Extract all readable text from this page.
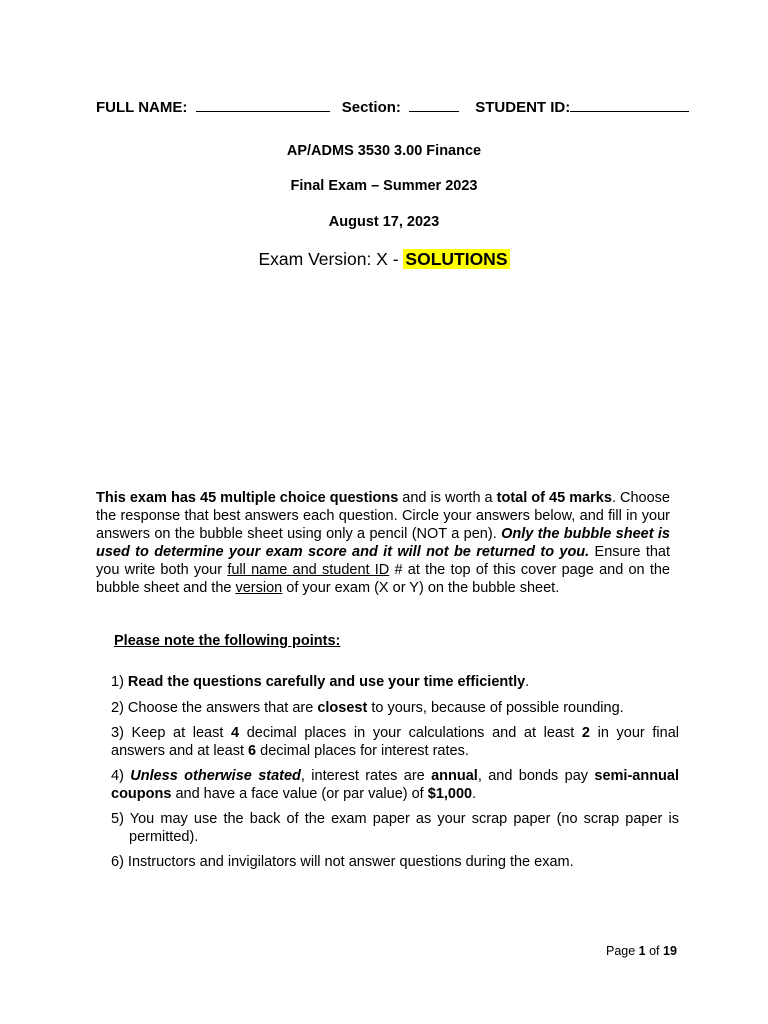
FULL NAME:	Section:	STUDENT ID:
AP/ADMS 3530 3.00 Finance
Final Exam – Summer 2023
August 17, 2023
Exam Version: X - SOLUTIONS
This exam has 45 multiple choice questions and is worth a total of 45 marks. Choose the response that best answers each question. Circle your answers below, and fill in your answers on the bubble sheet using only a pencil (NOT a pen). Only the bubble sheet is used to determine your exam score and it will not be returned to you. Ensure that you write both your full name and student ID # at the top of this cover page and on the bubble sheet and the version of your exam (X or Y) on the bubble sheet.
Please note the following points:
1) Read the questions carefully and use your time efficiently.
2) Choose the answers that are closest to yours, because of possible rounding.
3) Keep at least 4 decimal places in your calculations and at least 2 in your final answers and at least 6 decimal places for interest rates.
4) Unless otherwise stated, interest rates are annual, and bonds pay semi-annual coupons and have a face value (or par value) of $1,000.
5) You may use the back of the exam paper as your scrap paper (no scrap paper is permitted).
6) Instructors and invigilators will not answer questions during the exam.
Page 1 of 19
